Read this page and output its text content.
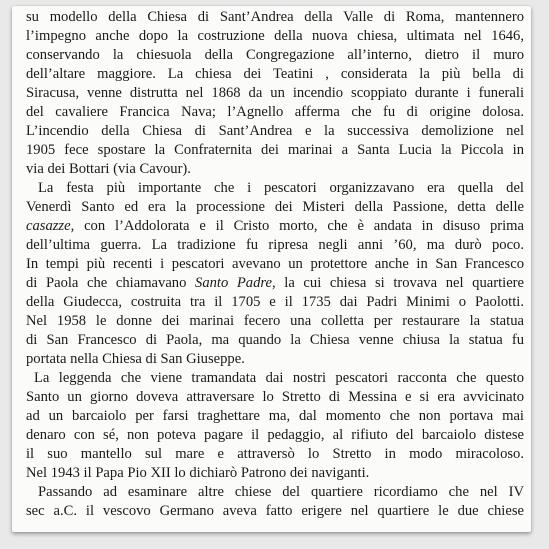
su modello della Chiesa di Sant’Andrea della Valle di Roma, mantennero
l’impegno anche dopo la costruzione della nuova chiesa, ultimata nel 1646,
conservando la chiesuola della Congregazione all’interno, dietro il muro
dell’altare maggiore. La chiesa dei Teatini , considerata la più bella di
Siracusa, venne distrutta nel 1868 da un incendio scoppiato durante i funerali
del cavaliere Francica Nava; l’Agnello afferma che fu di origine dolosa.
L’incendio della Chiesa di Sant’Andrea e la successiva demolizione nel
1905 fece spostare la Confraternita dei marinai a Santa Lucia la Piccola in
via dei Bottari (via Cavour).
La festa più importante che i pescatori organizzavano era quella del
Venerdì Santo ed era la processione dei Misteri della Passione, detta delle
casazze, con l’Addolorata e il Cristo morto, che è andata in disuso prima
dell’ultima guerra. La tradizione fu ripresa negli anni ’60, ma durò poco.
In tempi più recenti i pescatori avevano un protettore anche in San Francesco
di Paola che chiamavano Santo Padre, la cui chiesa si trovava nel quartiere
della Giudecca, costruita tra il 1705 e il 1735 dai Padri Minimi o Paolotti.
Nel 1958 le donne dei marinai fecero una colletta per restaurare la statua
di San Francesco di Paola, ma quando la Chiesa venne chiusa la statua fu
portata nella Chiesa di San Giuseppe.
La leggenda che viene tramandata dai nostri pescatori racconta che questo
Santo un giorno doveva attraversare lo Stretto di Messina e si era avvicinato
ad un barcaiolo per farsi traghettare ma, dal momento che non portava mai
denaro con sé, non poteva pagare il pedaggio, al rifiuto del barcaiolo distese
il suo mantello sul mare e attraversò lo Stretto in modo miracoloso.
Nel 1943 il Papa Pio XII lo dichiarò Patrono dei naviganti.
Passando ad esaminare altre chiese del quartiere ricordiamo che nel IV
sec a.C. il vescovo Germano aveva fatto erigere nel quartiere le due chiese
